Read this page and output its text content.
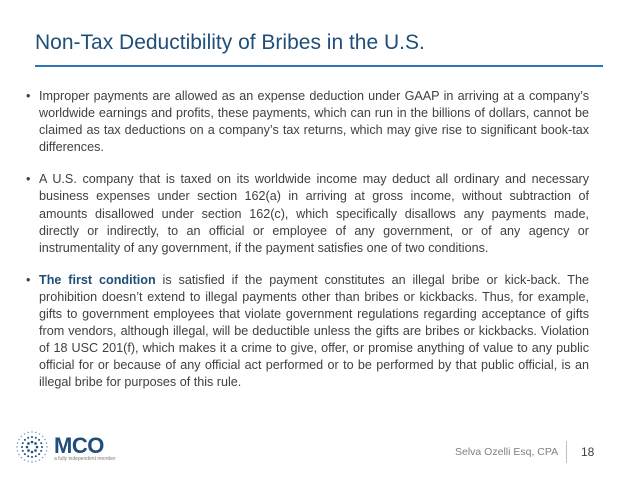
Non-Tax Deductibility of Bribes in the U.S.

• Improper payments are allowed as an expense deduction under GAAP in arriving at a company’s worldwide earnings and profits, these payments, which can run in the billions of dollars, cannot be claimed as tax deductions on a company’s tax returns, which may give rise to significant book-tax differences.

• A U.S. company that is taxed on its worldwide income may deduct all ordinary and necessary business expenses under section 162(a) in arriving at gross income, without subtraction of amounts disallowed under section 162(c), which specifically disallows any payments made, directly or indirectly, to an official or employee of any government, or of any agency or instrumentality of any government, if the payment satisfies one of two conditions.

• The first condition is satisfied if the payment constitutes an illegal bribe or kick-back. The prohibition doesn’t extend to illegal payments other than bribes or kickbacks. Thus, for example, gifts to government employees that violate government regulations regarding acceptance of gifts from vendors, although illegal, will be deductible unless the gifts are bribes or kickbacks. Violation of 18 USC 201(f), which makes it a crime to give, offer, or promise anything of value to any public official for or because of any official act performed or to be performed by that public official, is an illegal bribe for purposes of this rule.

MCO
a fully independent member
Selva Ozelli Esq, CPA 18
